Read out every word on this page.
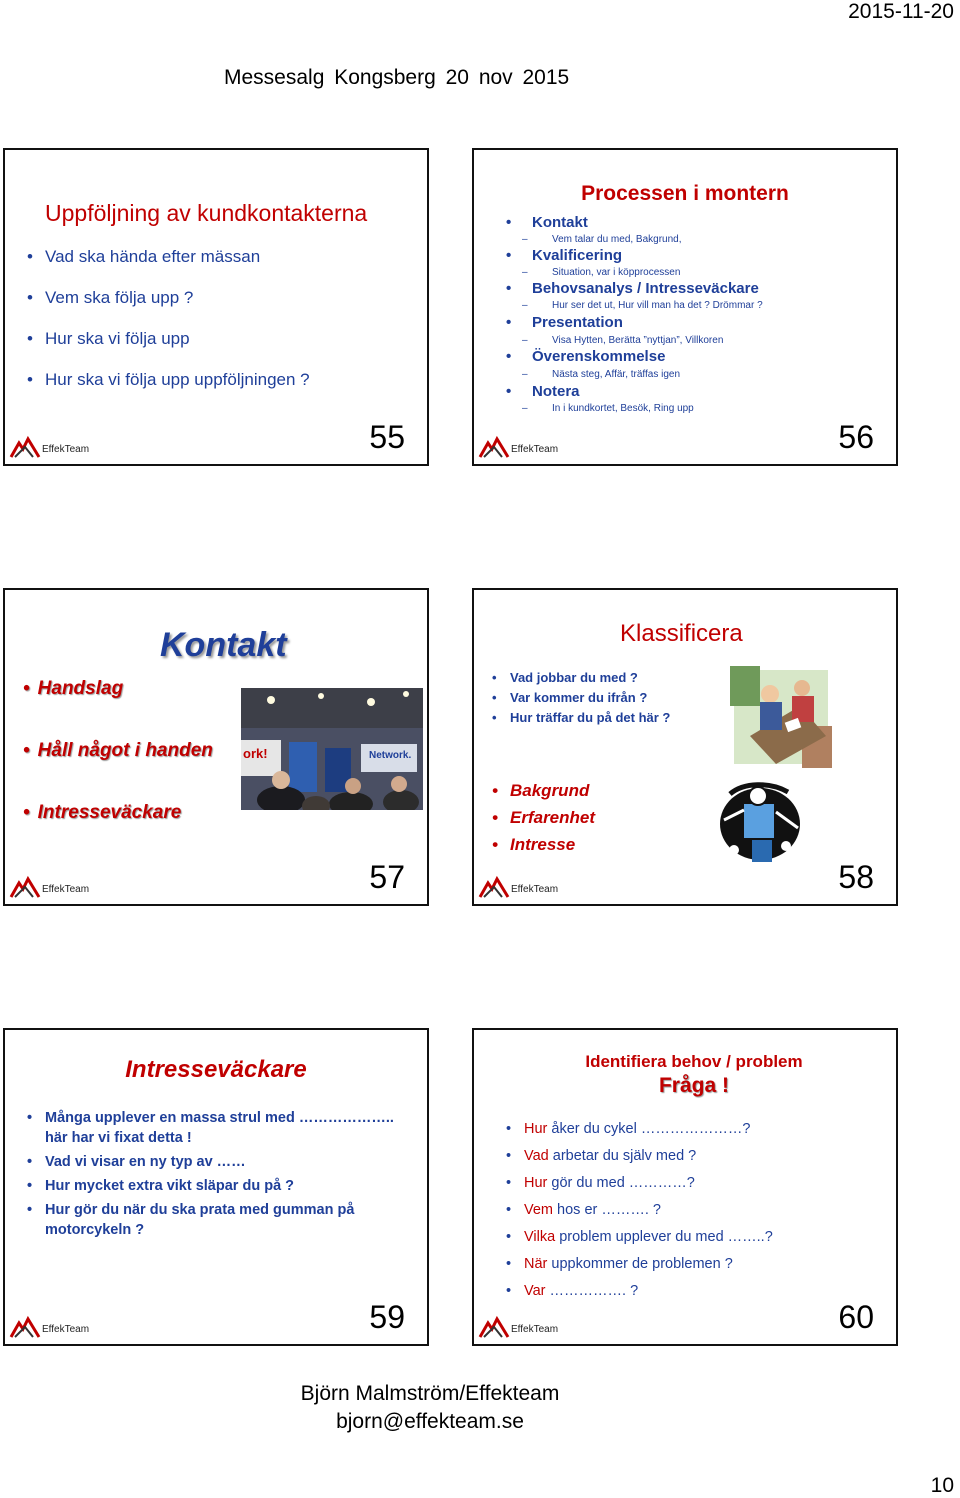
2015-11-20
Messesalg Kongsberg 20 nov 2015
Uppföljning av kundkontakterna
• Vad ska hända efter mässan
• Vem ska följa upp ?
• Hur ska vi följa upp
• Hur ska vi följa upp uppföljningen ?
EffekTeam	55
Processen i montern
• Kontakt
– Vem talar du med, Bakgrund,
• Kvalificering
– Situation, var i köpprocessen
• Behovsanalys / Intresseväckare
– Hur ser det ut, Hur vill man ha det ? Drömmar ?
• Presentation
– Visa Hytten, Berätta ”nyttjan”, Villkoren
• Överenskommelse
– Nästa steg, Affär, träffas igen
• Notera
– In i kundkortet, Besök, Ring upp
EffekTeam	56
Kontakt
• Handslag
• Håll något i handen
• Intresseväckare
ork!	Network.
EffekTeam	57
Klassificera
• Vad jobbar du med ?
• Var kommer du ifrån ?
• Hur träffar du på det här ?
• Bakgrund
• Erfarenhet
• Intresse
EffekTeam	58
Intresseväckare
• Många upplever en massa strul med ………………..
här har vi fixat detta !
• Vad vi visar en ny typ av ……
• Hur mycket extra vikt släpar du på ?
• Hur gör du när du ska prata med gumman på
motorcykeln ?
EffekTeam	59
Identifiera behov / problem
Fråga !
• Hur åker du cykel …………………?
• Vad arbetar du själv med ?
• Hur gör du med …………?
• Vem hos er ………. ?
• Vilka problem upplever du med ……..?
• När uppkommer de problemen ?
• Var ……………. ?
EffekTeam	60
Björn Malmström/Effekteam
bjorn@effekteam.se
10
